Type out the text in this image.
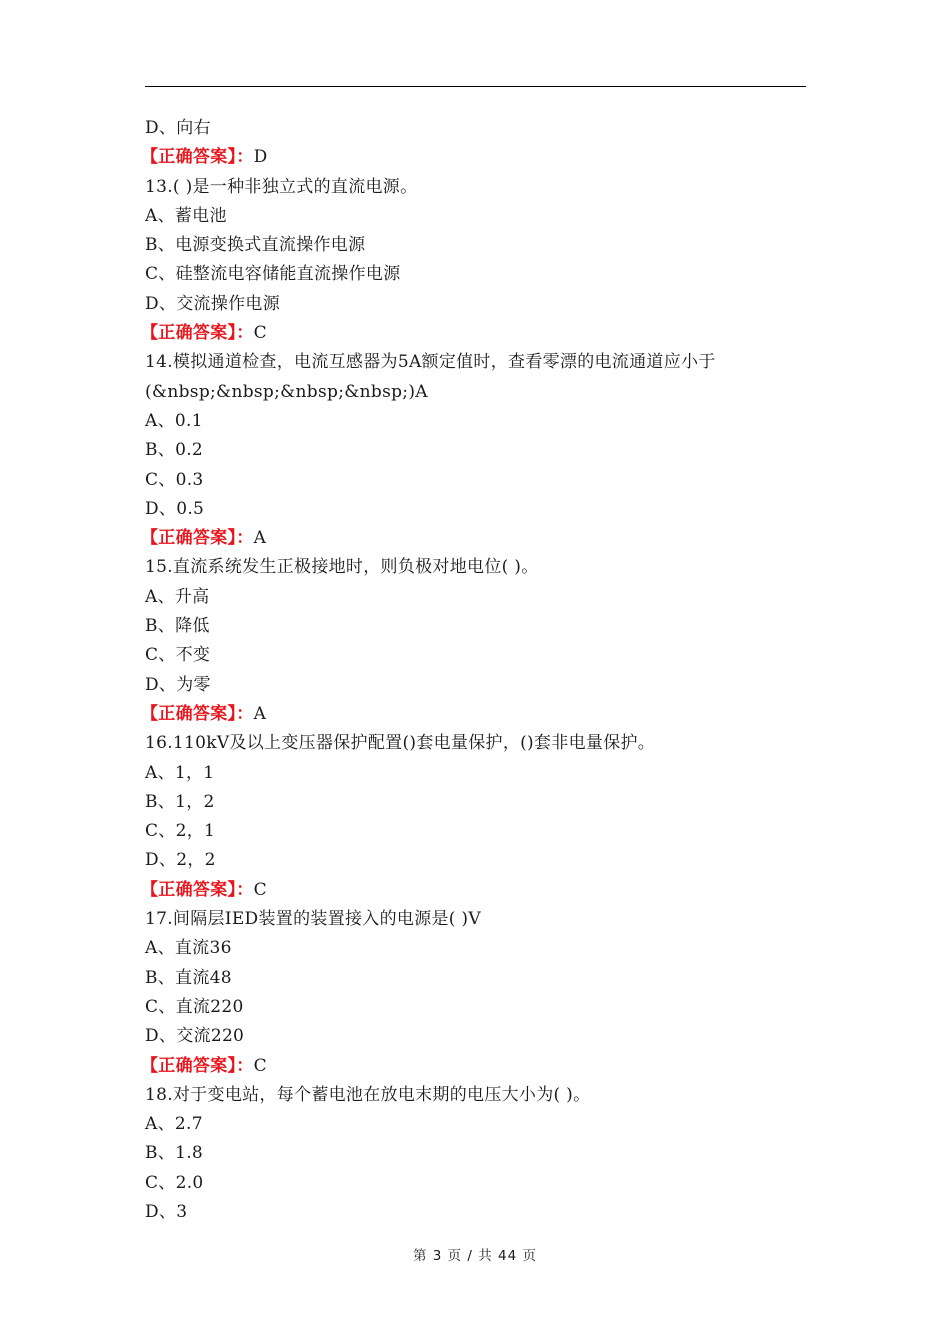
D、向右
【正确答案】：D
13.( )是一种非独立式的直流电源。
A、蓄电池
B、电源变换式直流操作电源
C、硅整流电容储能直流操作电源
D、交流操作电源
【正确答案】：C
14.模拟通道检查，电流互感器为5A额定值时，查看零漂的电流通道应小于
(&nbsp;&nbsp;&nbsp;&nbsp;)A
A、0.1
B、0.2
C、0.3
D、0.5
【正确答案】：A
15.直流系统发生正极接地时，则负极对地电位( )。
A、升高
B、降低
C、不变
D、为零
【正确答案】：A
16.110kV及以上变压器保护配置()套电量保护，()套非电量保护。
A、1，1
B、1，2
C、2，1
D、2，2
【正确答案】：C
17.间隔层IED装置的装置接入的电源是( )V
A、直流36
B、直流48
C、直流220
D、交流220
【正确答案】：C
18.对于变电站，每个蓄电池在放电末期的电压大小为( )。
A、2.7
B、1.8
C、2.0
D、3
第 3 页 / 共 44 页
